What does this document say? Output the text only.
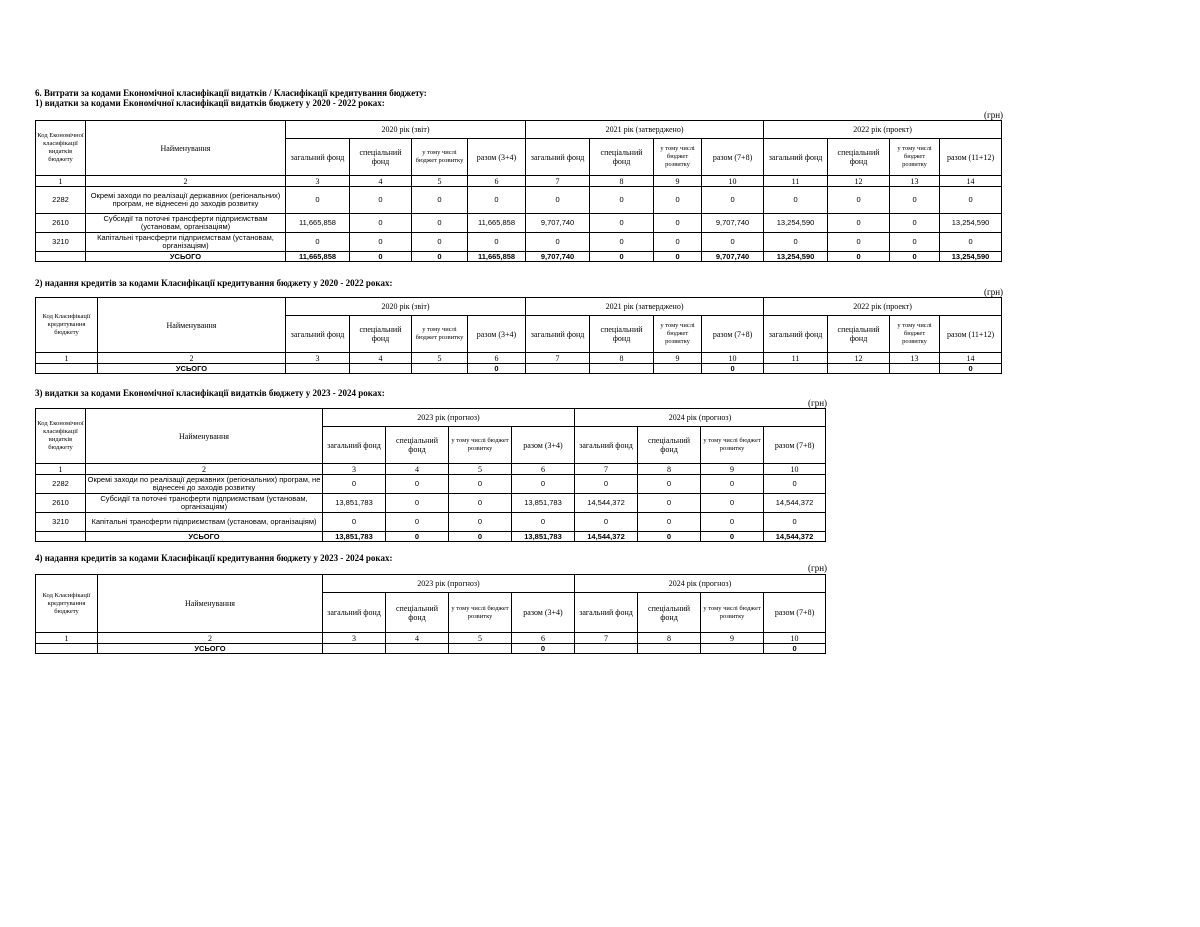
6. Витрати за кодами Економічної класифікації видатків / Класифікації кредитування бюджету:
1) видатки за кодами Економічної класифікації видатків бюджету у 2020 - 2022 роках:
(грн)
Код Економічної класифікації видатків бюджету	Найменування	2020 рік (звіт)				2021 рік (затверджено)				2022 рік (проект)			
		загальний фонд	спеціальний фонд	у тому числі бюджет розвитку	разом (3+4)	загальний фонд	спеціальний фонд	у тому числі бюджет розвитку	разом (7+8)	загальний фонд	спеціальний фонд	у тому числі бюджет розвитку	разом (11+12)
1	2	3	4	5	6	7	8	9	10	11	12	13	14
2282	Окремі заходи по реалізації державних (регіональних) програм, не віднесені до заходів розвитку	0	0	0	0	0	0	0	0	0	0	0	0
2610	Субсидії та поточні трансферти підприємствам (установам, організаціям)	11,665,858	0	0	11,665,858	9,707,740	0	0	9,707,740	13,254,590	0	0	13,254,590
3210	Капітальні трансферти підприємствам (установам, організаціям)	0	0	0	0	0	0	0	0	0	0	0	0
	УСЬОГО	11,665,858	0	0	11,665,858	9,707,740	0	0	9,707,740	13,254,590	0	0	13,254,590
2) надання кредитів за кодами Класифікації кредитування бюджету у 2020 - 2022 роках:
(грн)
Код Класифікації кредитування бюджету	Найменування	2020 рік (звіт)				2021 рік (затверджено)				2022 рік (проект)			
		загальний фонд	спеціальний фонд	у тому числі бюджет розвитку	разом (3+4)	загальний фонд	спеціальний фонд	у тому числі бюджет розвитку	разом (7+8)	загальний фонд	спеціальний фонд	у тому числі бюджет розвитку	разом (11+12)
1	2	3	4	5	6	7	8	9	10	11	12	13	14
	УСЬОГО				0				0				0
3) видатки за кодами Економічної класифікації видатків бюджету у 2023 - 2024 роках:
(грн)
Код Економічної класифікації видатків бюджету	Найменування	2023 рік (прогноз)				2024 рік (прогноз)			
		загальний фонд	спеціальний фонд	у тому числі бюджет розвитку	разом (3+4)	загальний фонд	спеціальний фонд	у тому числі бюджет розвитку	разом (7+8)
1	2	3	4	5	6	7	8	9	10
2282	Окремі заходи по реалізації державних (регіональних) програм, не віднесені до заходів розвитку	0	0	0	0	0	0	0	0
2610	Субсидії та поточні трансферти підприємствам (установам, організаціям)	13,851,783	0	0	13,851,783	14,544,372	0	0	14,544,372
3210	Капітальні трансферти підприємствам (установам, організаціям)	0	0	0	0	0	0	0	0
	УСЬОГО	13,851,783	0	0	13,851,783	14,544,372	0	0	14,544,372
4) надання кредитів за кодами Класифікації кредитування бюджету у 2023 - 2024 роках:
(грн)
Код Класифікації кредитування бюджету	Найменування	2023 рік (прогноз)				2024 рік (прогноз)			
		загальний фонд	спеціальний фонд	у тому числі бюджет розвитку	разом (3+4)	загальний фонд	спеціальний фонд	у тому числі бюджет розвитку	разом (7+8)
1	2	3	4	5	6	7	8	9	10
	УСЬОГО				0				0
